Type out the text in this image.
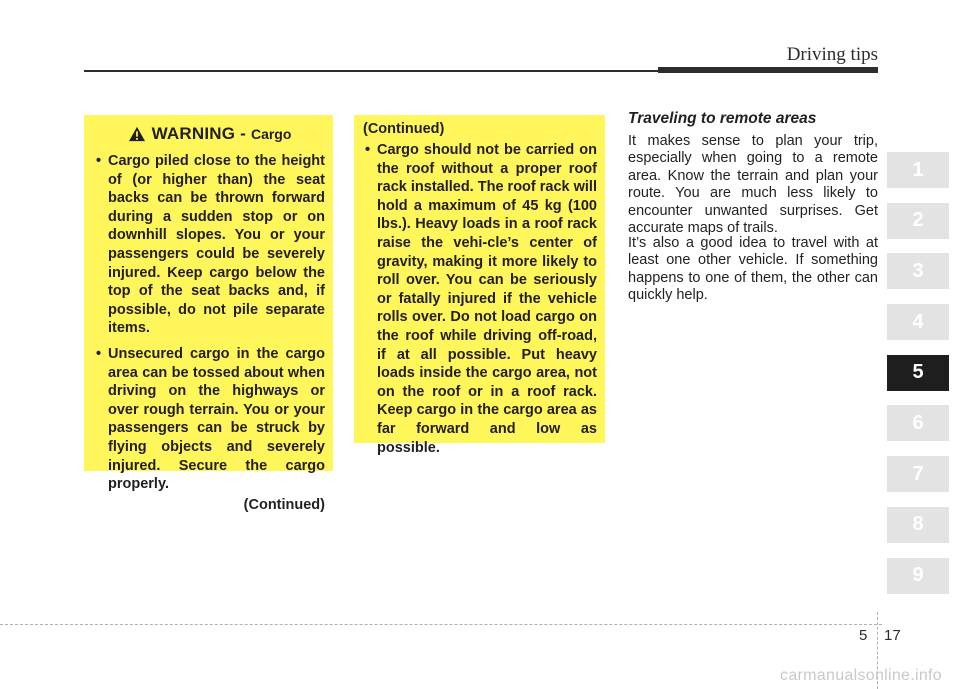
Driving tips
WARNING - Cargo
• Cargo piled close to the height of (or higher than) the seat backs can be thrown forward during a sudden stop or on downhill slopes. You or your passengers could be severely injured. Keep cargo below the top of the seat backs and, if possible, do not pile separate items.
• Unsecured cargo in the cargo area can be tossed about when driving on the highways or over rough terrain. You or your passengers can be struck by flying objects and severely injured. Secure the cargo properly.
(Continued)
(Continued)
• Cargo should not be carried on the roof without a proper roof rack installed. The roof rack will hold a maximum of 45 kg (100 lbs.). Heavy loads in a roof rack raise the vehi-cle’s center of gravity, making it more likely to roll over. You can be seriously or fatally injured if the vehicle rolls over. Do not load cargo on the roof while driving off-road, if at all possible. Put heavy loads inside the cargo area, not on the roof or in a roof rack. Keep cargo in the cargo area as far forward and low as possible.
Traveling to remote areas
It makes sense to plan your trip, especially when going to a remote area. Know the terrain and plan your route. You are much less likely to encounter unwanted surprises. Get accurate maps of trails.
It’s also a good idea to travel with at least one other vehicle. If something happens to one of them, the other can quickly help.
1
2
3
4
5
6
7
8
9
5 17
carmanualsonline.info
